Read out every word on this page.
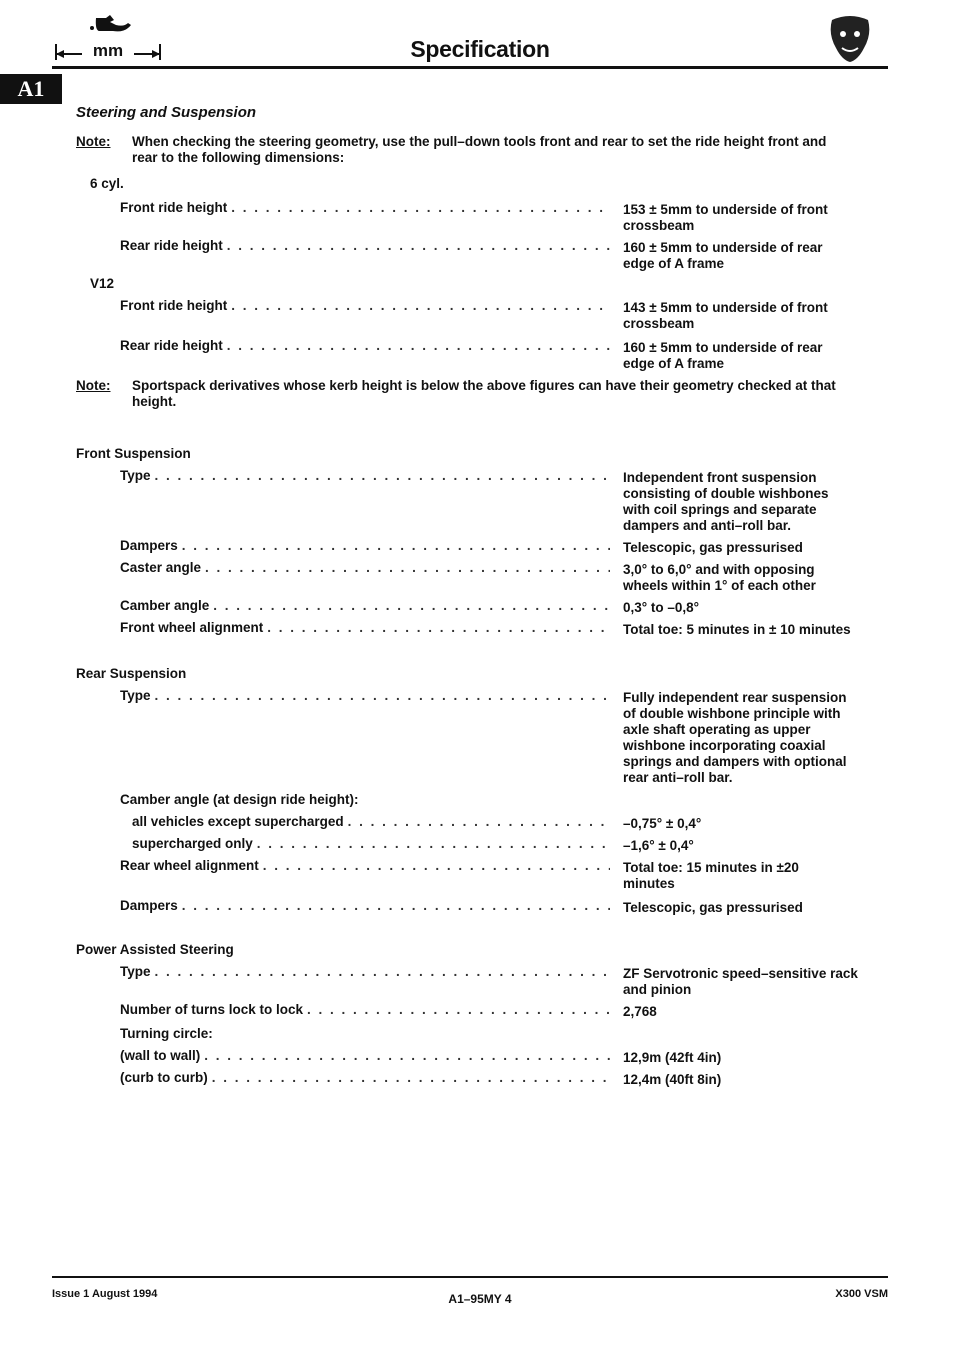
mm	Specification
A1
Steering and Suspension
Note: When checking the steering geometry, use the pull–down tools front and rear to set the ride height front and
rear to the following dimensions:
6 cyl.
Front ride height . . .	153 ± 5mm to underside of front
crossbeam
Rear ride height . . .	160 ± 5mm to underside of rear
edge of A frame
V12
Front ride height . . .	143 ± 5mm to underside of front
crossbeam
Rear ride height . . .	160 ± 5mm to underside of rear
edge of A frame
Note: Sportspack derivatives whose kerb height is below the above figures can have their geometry checked at that
height.
Front Suspension
Type . . .	Independent front suspension
consisting of double wishbones
with coil springs and separate
dampers and anti–roll bar.
Dampers . . .	Telescopic, gas pressurised
Caster angle . . .	3,0° to 6,0° and with opposing
wheels within 1° of each other
Camber angle . . .	0,3° to –0,8°
Front wheel alignment . . .	Total toe: 5 minutes in ± 10 minutes
Rear Suspension
Type . . .	Fully independent rear suspension
of double wishbone principle with
axle shaft operating as upper
wishbone incorporating coaxial
springs and dampers with optional
rear anti–roll bar.
Camber angle (at design ride height):
all vehicles except supercharged . . .	–0,75° ± 0,4°
supercharged only . . .	–1,6° ± 0,4°
Rear wheel alignment . . .	Total toe: 15 minutes in ±20
minutes
Dampers . . .	Telescopic, gas pressurised
Power Assisted Steering
Type . . .	ZF Servotronic speed–sensitive rack
and pinion
Number of turns lock to lock . . .	2,768
Turning circle:
(wall to wall) . . .	12,9m (42ft 4in)
(curb to curb) . . .	12,4m (40ft 8in)
Issue 1 August 1994	A1–95MY 4	X300 VSM
